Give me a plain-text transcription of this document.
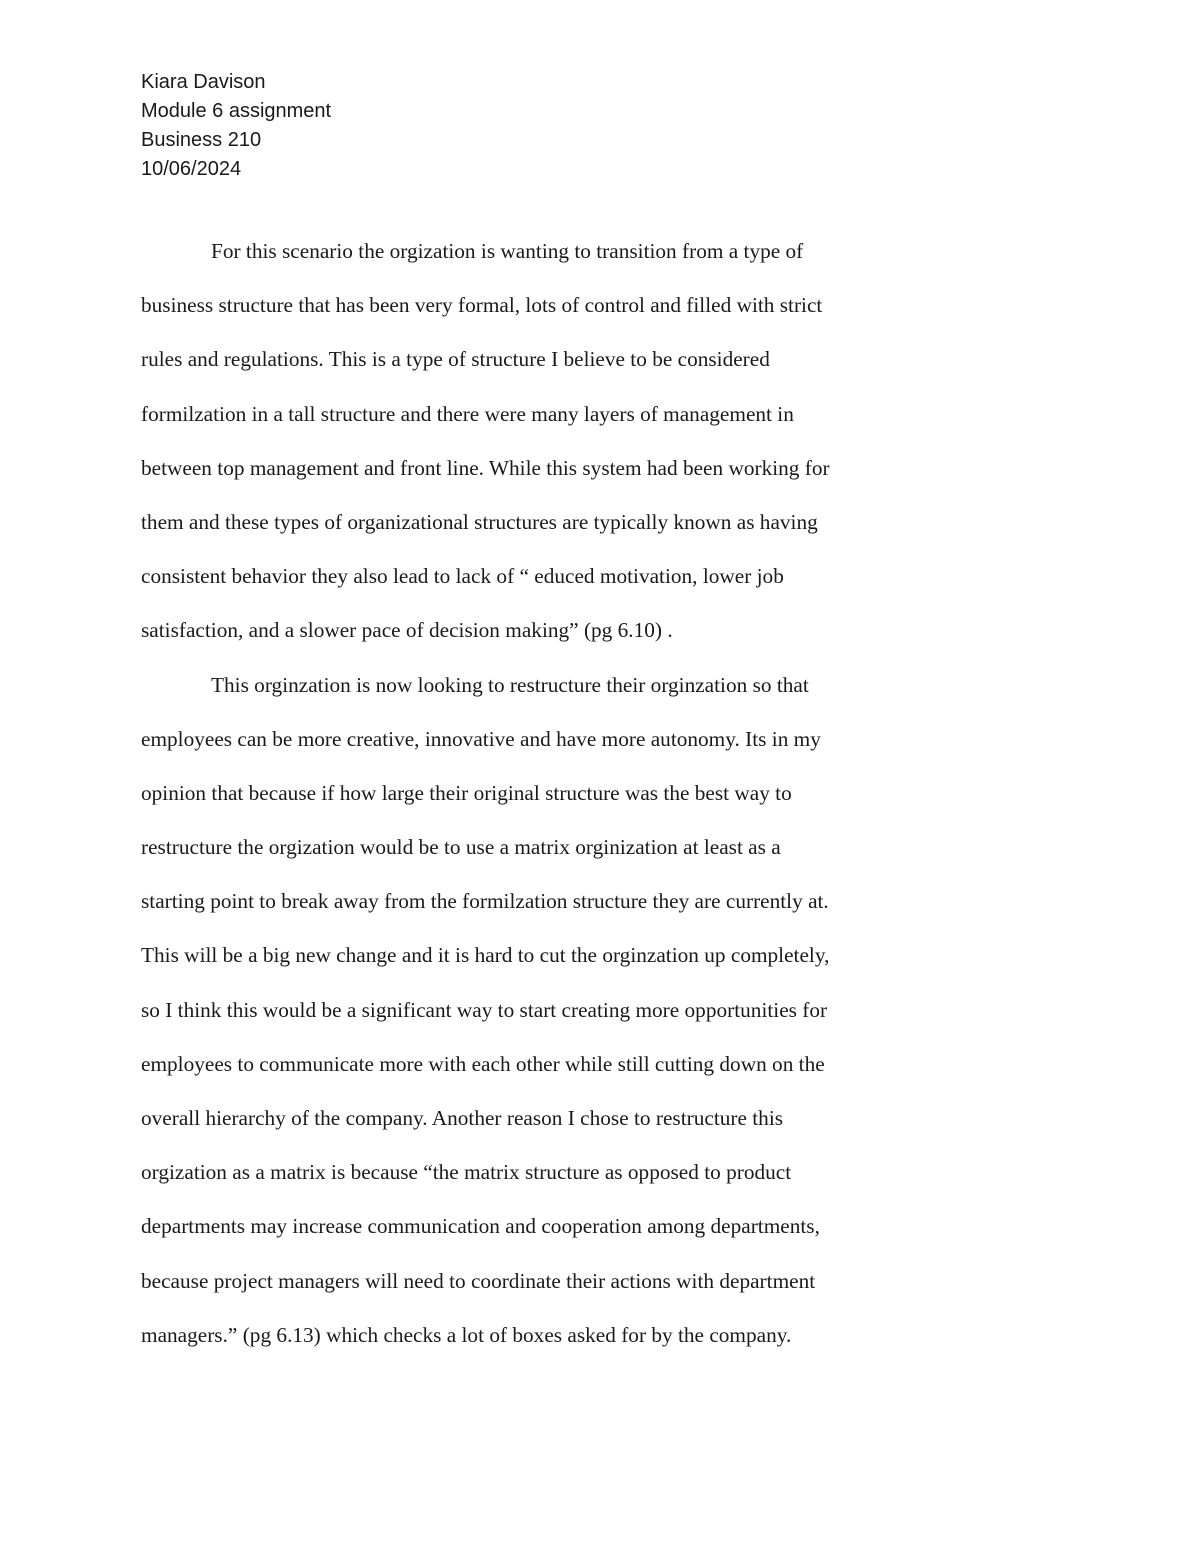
Kiara Davison
Module 6 assignment
Business 210
10/06/2024
For this scenario the orgization is wanting to transition from a type of
business structure that has been very formal, lots of control and filled with strict
rules and regulations. This is a type of structure I believe to be considered
formilzation in a tall structure and there were many layers of management in
between top management and front line. While this system had been working for
them and these types of organizational structures are typically known as having
consistent behavior they also lead to lack of “ educed motivation, lower job
satisfaction, and a slower pace of decision making” (pg 6.10) .
This orginzation is now looking to restructure their orginzation so that
employees can be more creative, innovative and have more autonomy. Its in my
opinion that because if how large their original structure was the best way to
restructure the orgization would be to use a matrix orginization at least as a
starting point to break away from the formilzation structure they are currently at.
This will be a big new change and it is hard to cut the orginzation up completely,
so I think this would be a significant way to start creating more opportunities for
employees to communicate more with each other while still cutting down on the
overall hierarchy of the company. Another reason I chose to restructure this
orgization as a matrix is because “the matrix structure as opposed to product
departments may increase communication and cooperation among departments,
because project managers will need to coordinate their actions with department
managers.” (pg 6.13) which checks a lot of boxes asked for by the company.
